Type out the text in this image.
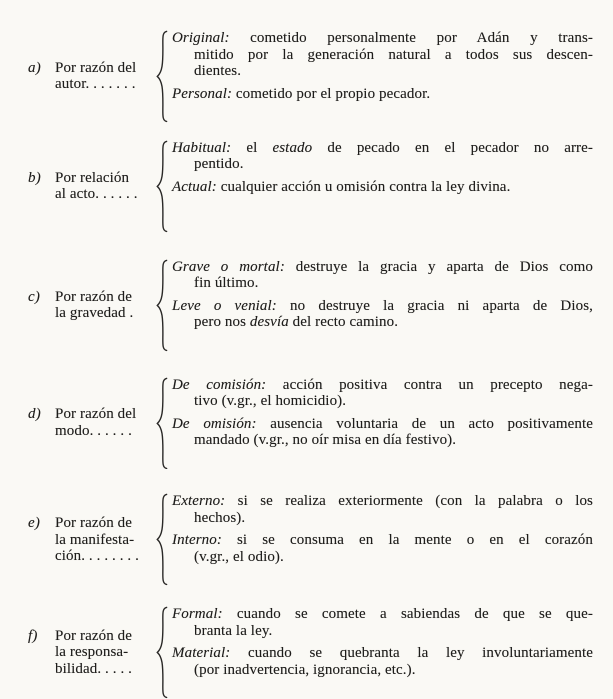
a) Por razón del
autor. . . . . . .
Original: cometido personalmente por Adán y trans-
mitido por la generación natural a todos sus descen-
dientes.
Personal: cometido por el propio pecador.
b) Por relación
al acto. . . . . .
Habitual: el estado de pecado en el pecador no arre-
pentido.
Actual: cualquier acción u omisión contra la ley divina.
c) Por razón de
la gravedad .
Grave o mortal: destruye la gracia y aparta de Dios como
fin último.
Leve o venial: no destruye la gracia ni aparta de Dios,
pero nos desvía del recto camino.
d) Por razón del
modo. . . . . .
De comisión: acción positiva contra un precepto nega-
tivo (v.gr., el homicidio).
De omisión: ausencia voluntaria de un acto positivamente
mandado (v.gr., no oír misa en día festivo).
e) Por razón de
la manifesta-
ción. . . . . . . .
Externo: si se realiza exteriormente (con la palabra o los
hechos).
Interno: si se consuma en la mente o en el corazón
(v.gr., el odio).
f)	Por razón de
la responsa-
bilidad. . . . .
Formal: cuando se comete a sabiendas de que se que-
branta la ley.
Material: cuando se quebranta la ley involuntariamente
(por inadvertencia, ignorancia, etc.).
